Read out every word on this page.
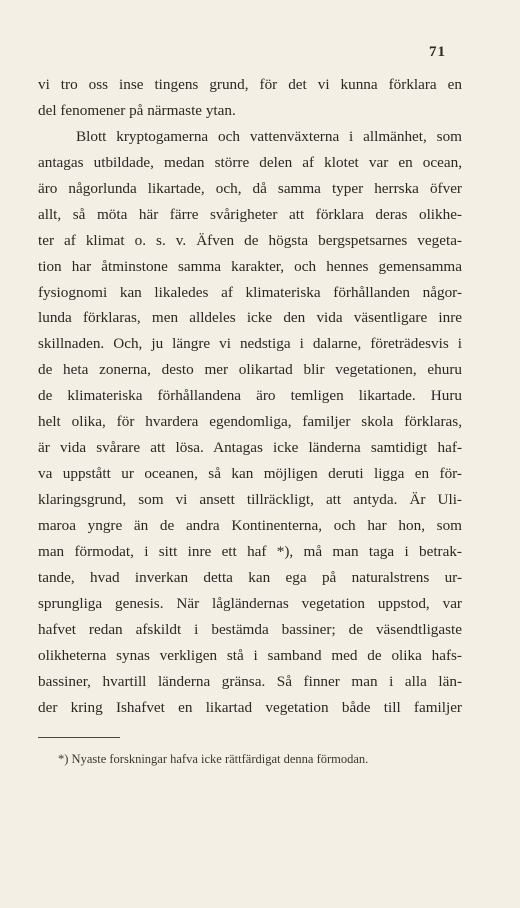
71
vi tro oss inse tingens grund, för det vi kunna förklara en
del fenomener på närmaste ytan.
Blott kryptogamerna och vattenväxterna i allmänhet, som
antagas utbildade, medan större delen af klotet var en ocean,
äro någorlunda likartade, och, då samma typer herrska öfver
allt, så möta här färre svårigheter att förklara deras olikhe-
ter af klimat o. s. v. Äfven de högsta bergspetsarnes vegeta-
tion har åtminstone samma karakter, och hennes gemensamma
fysiognomi kan likaledes af klimateriska förhållanden någor-
lunda förklaras, men alldeles icke den vida väsentligare inre
skillnaden. Och, ju längre vi nedstiga i dalarne, företrädesvis i
de heta zonerna, desto mer olikartad blir vegetationen, ehuru
de klimateriska förhållandena äro temligen likartade. Huru
helt olika, för hvardera egendomliga, familjer skola förklaras,
är vida svårare att lösa. Antagas icke länderna samtidigt haf-
va uppstått ur oceanen, så kan möjligen deruti ligga en för-
klaringsgrund, som vi ansett tillräckligt, att antyda. Är Uli-
maroa yngre än de andra Kontinenterna, och har hon, som
man förmodat, i sitt inre ett haf *), må man taga i betrak-
tande, hvad inverkan detta kan ega på naturalstrens ur-
sprungliga genesis. När lågländernas vegetation uppstod, var
hafvet redan afskildt i bestämda bassiner; de väsendtligaste
olikheterna synas verkligen stå i samband med de olika hafs-
bassiner, hvartill länderna gränsa. Så finner man i alla län-
der kring Ishafvet en likartad vegetation både till familjer
*) Nyaste forskningar hafva icke rättfärdigat denna förmodan.
